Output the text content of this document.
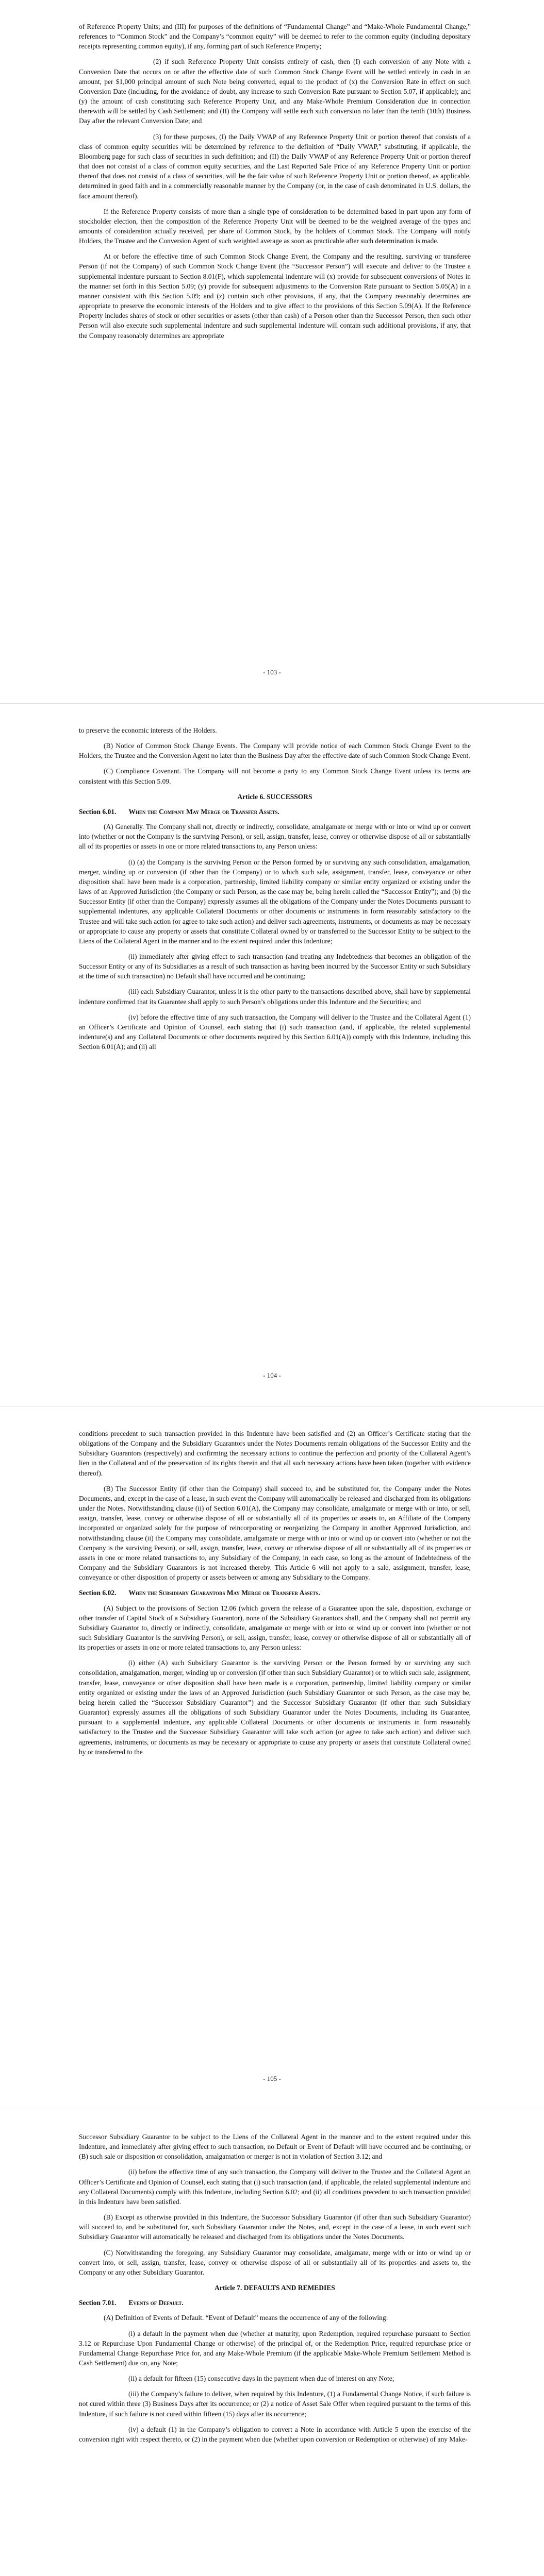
of Reference Property Units; and (III) for purposes of the definitions of “Fundamental Change” and “Make-Whole Fundamental Change,” references to “Common Stock” and the Company’s “common equity” will be deemed to refer to the common equity (including depositary receipts representing common equity), if any, forming part of such Reference Property;

(2) if such Reference Property Unit consists entirely of cash, then (I) each conversion of any Note with a Conversion Date that occurs on or after the effective date of such Common Stock Change Event will be settled entirely in cash in an amount, per $1,000 principal amount of such Note being converted, equal to the product of (x) the Conversion Rate in effect on such Conversion Date (including, for the avoidance of doubt, any increase to such Conversion Rate pursuant to Section 5.07, if applicable); and (y) the amount of cash constituting such Reference Property Unit, and any Make-Whole Premium Consideration due in connection therewith will be settled by Cash Settlement; and (II) the Company will settle each such conversion no later than the tenth (10th) Business Day after the relevant Conversion Date; and

(3) for these purposes, (I) the Daily VWAP of any Reference Property Unit or portion thereof that consists of a class of common equity securities will be determined by reference to the definition of “Daily VWAP,” substituting, if applicable, the Bloomberg page for such class of securities in such definition; and (II) the Daily VWAP of any Reference Property Unit or portion thereof that does not consist of a class of common equity securities, and the Last Reported Sale Price of any Reference Property Unit or portion thereof that does not consist of a class of securities, will be the fair value of such Reference Property Unit or portion thereof, as applicable, determined in good faith and in a commercially reasonable manner by the Company (or, in the case of cash denominated in U.S. dollars, the face amount thereof).

If the Reference Property consists of more than a single type of consideration to be determined based in part upon any form of stockholder election, then the composition of the Reference Property Unit will be deemed to be the weighted average of the types and amounts of consideration actually received, per share of Common Stock, by the holders of Common Stock. The Company will notify Holders, the Trustee and the Conversion Agent of such weighted average as soon as practicable after such determination is made.

At or before the effective time of such Common Stock Change Event, the Company and the resulting, surviving or transferee Person (if not the Company) of such Common Stock Change Event (the “Successor Person”) will execute and deliver to the Trustee a supplemental indenture pursuant to Section 8.01(F), which supplemental indenture will (x) provide for subsequent conversions of Notes in the manner set forth in this Section 5.09; (y) provide for subsequent adjustments to the Conversion Rate pursuant to Section 5.05(A) in a manner consistent with this Section 5.09; and (z) contain such other provisions, if any, that the Company reasonably determines are appropriate to preserve the economic interests of the Holders and to give effect to the provisions of this Section 5.09(A). If the Reference Property includes shares of stock or other securities or assets (other than cash) of a Person other than the Successor Person, then such other Person will also execute such supplemental indenture and such supplemental indenture will contain such additional provisions, if any, that the Company reasonably determines are appropriate

- 103 -

to preserve the economic interests of the Holders.

(B) Notice of Common Stock Change Events. The Company will provide notice of each Common Stock Change Event to the Holders, the Trustee and the Conversion Agent no later than the Business Day after the effective date of such Common Stock Change Event.

(C) Compliance Covenant. The Company will not become a party to any Common Stock Change Event unless its terms are consistent with this Section 5.09.

Article 6. SUCCESSORS
Section 6.01. When the Company May Merge or Transfer Assets.

(A) Generally. The Company shall not, directly or indirectly, consolidate, amalgamate or merge with or into or wind up or convert into (whether or not the Company is the surviving Person), or sell, assign, transfer, lease, convey or otherwise dispose of all or substantially all of its properties or assets in one or more related transactions to, any Person unless:

(i) (a) the Company is the surviving Person or the Person formed by or surviving any such consolidation, amalgamation, merger, winding up or conversion (if other than the Company) or to which such sale, assignment, transfer, lease, conveyance or other disposition shall have been made is a corporation, partnership, limited liability company or similar entity organized or existing under the laws of an Approved Jurisdiction (the Company or such Person, as the case may be, being herein called the “Successor Entity”); and (b) the Successor Entity (if other than the Company) expressly assumes all the obligations of the Company under the Notes Documents pursuant to supplemental indentures, any applicable Collateral Documents or other documents or instruments in form reasonably satisfactory to the Trustee and will take such action (or agree to take such action) and deliver such agreements, instruments, or documents as may be necessary or appropriate to cause any property or assets that constitute Collateral owned by or transferred to the Successor Entity to be subject to the Liens of the Collateral Agent in the manner and to the extent required under this Indenture;

(ii) immediately after giving effect to such transaction (and treating any Indebtedness that becomes an obligation of the Successor Entity or any of its Subsidiaries as a result of such transaction as having been incurred by the Successor Entity or such Subsidiary at the time of such transaction) no Default shall have occurred and be continuing;

(iii) each Subsidiary Guarantor, unless it is the other party to the transactions described above, shall have by supplemental indenture confirmed that its Guarantee shall apply to such Person’s obligations under this Indenture and the Securities; and

(iv) before the effective time of any such transaction, the Company will deliver to the Trustee and the Collateral Agent (1) an Officer’s Certificate and Opinion of Counsel, each stating that (i) such transaction (and, if applicable, the related supplemental indenture(s) and any Collateral Documents or other documents required by this Section 6.01(A)) comply with this Indenture, including this Section 6.01(A); and (ii) all

- 104 -

conditions precedent to such transaction provided in this Indenture have been satisfied and (2) an Officer’s Certificate stating that the obligations of the Company and the Subsidiary Guarantors under the Notes Documents remain obligations of the Successor Entity and the Subsidiary Guarantors (respectively) and confirming the necessary actions to continue the perfection and priority of the Collateral Agent’s lien in the Collateral and of the preservation of its rights therein and that all such necessary actions have been taken (together with evidence thereof).

(B) The Successor Entity (if other than the Company) shall succeed to, and be substituted for, the Company under the Notes Documents, and, except in the case of a lease, in such event the Company will automatically be released and discharged from its obligations under the Notes. Notwithstanding clause (ii) of Section 6.01(A), the Company may consolidate, amalgamate or merge with or into, or sell, assign, transfer, lease, convey or otherwise dispose of all or substantially all of its properties or assets to, an Affiliate of the Company incorporated or organized solely for the purpose of reincorporating or reorganizing the Company in another Approved Jurisdiction, and notwithstanding clause (ii) the Company may consolidate, amalgamate or merge with or into or wind up or convert into (whether or not the Company is the surviving Person), or sell, assign, transfer, lease, convey or otherwise dispose of all or substantially all of its properties or assets in one or more related transactions to, any Subsidiary of the Company, in each case, so long as the amount of Indebtedness of the Company and the Subsidiary Guarantors is not increased thereby. This Article 6 will not apply to a sale, assignment, transfer, lease, conveyance or other disposition of property or assets between or among any Subsidiary to the Company.

Section 6.02. When the Subsidiary Guarantors May Merge or Transfer Assets.

(A) Subject to the provisions of Section 12.06 (which govern the release of a Guarantee upon the sale, disposition, exchange or other transfer of Capital Stock of a Subsidiary Guarantor), none of the Subsidiary Guarantors shall, and the Company shall not permit any Subsidiary Guarantor to, directly or indirectly, consolidate, amalgamate or merge with or into or wind up or convert into (whether or not such Subsidiary Guarantor is the surviving Person), or sell, assign, transfer, lease, convey or otherwise dispose of all or substantially all of its properties or assets in one or more related transactions to, any Person unless:

(i) either (A) such Subsidiary Guarantor is the surviving Person or the Person formed by or surviving any such consolidation, amalgamation, merger, winding up or conversion (if other than such Subsidiary Guarantor) or to which such sale, assignment, transfer, lease, conveyance or other disposition shall have been made is a corporation, partnership, limited liability company or similar entity organized or existing under the laws of an Approved Jurisdiction (such Subsidiary Guarantor or such Person, as the case may be, being herein called the “Successor Subsidiary Guarantor”) and the Successor Subsidiary Guarantor (if other than such Subsidiary Guarantor) expressly assumes all the obligations of such Subsidiary Guarantor under the Notes Documents, including its Guarantee, pursuant to a supplemental indenture, any applicable Collateral Documents or other documents or instruments in form reasonably satisfactory to the Trustee and the Successor Subsidiary Guarantor will take such action (or agree to take such action) and deliver such agreements, instruments, or documents as may be necessary or appropriate to cause any property or assets that constitute Collateral owned by or transferred to the

- 105 -

Successor Subsidiary Guarantor to be subject to the Liens of the Collateral Agent in the manner and to the extent required under this Indenture, and immediately after giving effect to such transaction, no Default or Event of Default will have occurred and be continuing, or (B) such sale or disposition or consolidation, amalgamation or merger is not in violation of Section 3.12; and

(ii) before the effective time of any such transaction, the Company will deliver to the Trustee and the Collateral Agent an Officer’s Certificate and Opinion of Counsel, each stating that (i) such transaction (and, if applicable, the related supplemental indenture and any Collateral Documents) comply with this Indenture, including Section 6.02; and (ii) all conditions precedent to such transaction provided in this Indenture have been satisfied.

(B) Except as otherwise provided in this Indenture, the Successor Subsidiary Guarantor (if other than such Subsidiary Guarantor) will succeed to, and be substituted for, such Subsidiary Guarantor under the Notes, and, except in the case of a lease, in such event such Subsidiary Guarantor will automatically be released and discharged from its obligations under the Notes Documents.

(C) Notwithstanding the foregoing, any Subsidiary Guarantor may consolidate, amalgamate, merge with or into or wind up or convert into, or sell, assign, transfer, lease, convey or otherwise dispose of all or substantially all of its properties and assets to, the Company or any other Subsidiary Guarantor.

Article 7. DEFAULTS AND REMEDIES
Section 7.01. Events of Default.

(A) Definition of Events of Default. “Event of Default” means the occurrence of any of the following:

(i) a default in the payment when due (whether at maturity, upon Redemption, required repurchase pursuant to Section 3.12 or Repurchase Upon Fundamental Change or otherwise) of the principal of, or the Redemption Price, required repurchase price or Fundamental Change Repurchase Price for, and any Make-Whole Premium (if the applicable Make-Whole Premium Settlement Method is Cash Settlement) due on, any Note;

(ii) a default for fifteen (15) consecutive days in the payment when due of interest on any Note;

(iii) the Company’s failure to deliver, when required by this Indenture, (1) a Fundamental Change Notice, if such failure is not cured within three (3) Business Days after its occurrence; or (2) a notice of Asset Sale Offer when required pursuant to the terms of this Indenture, if such failure is not cured within fifteen (15) days after its occurrence;

(iv) a default (1) in the Company’s obligation to convert a Note in accordance with Article 5 upon the exercise of the conversion right with respect thereto, or (2) in the payment when due (whether upon conversion or Redemption or otherwise) of any Make-
